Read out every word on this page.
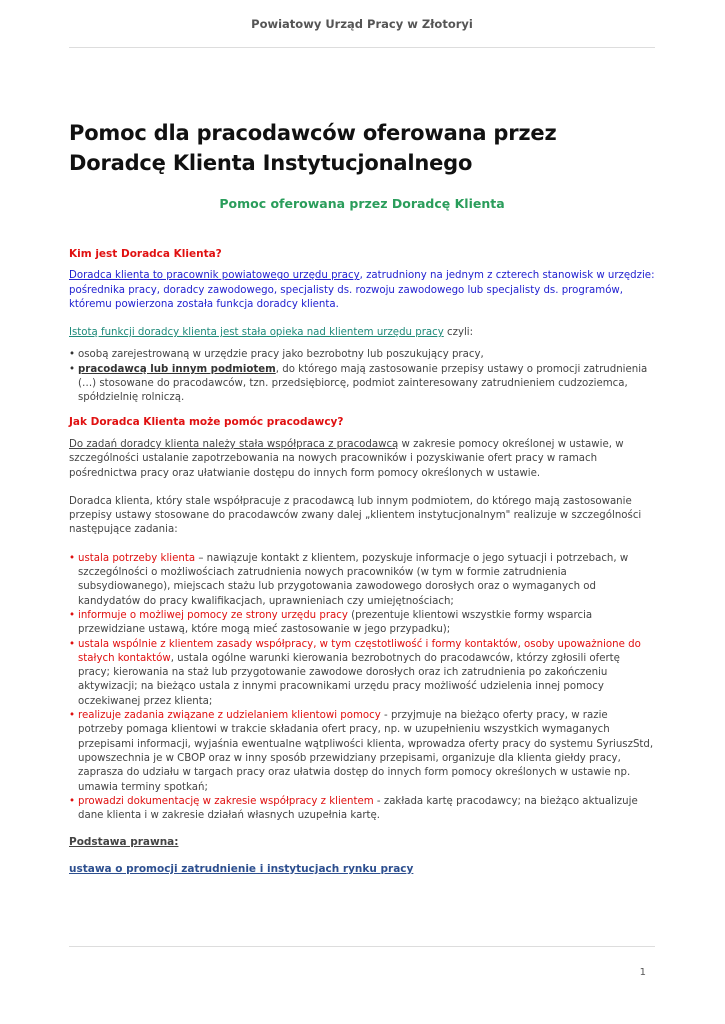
Powiatowy Urząd Pracy w Złotoryi
Pomoc dla pracodawców oferowana przez Doradcę Klienta Instytucjonalnego
Pomoc oferowana przez Doradcę Klienta

Kim jest Doradca Klienta?

Doradca klienta to pracownik powiatowego urzędu pracy, zatrudniony na jednym z czterech stanowisk w urzędzie: pośrednika pracy, doradcy zawodowego, specjalisty ds. rozwoju zawodowego lub specjalisty ds. programów, któremu powierzona została funkcja doradcy klienta.

Istotą funkcji doradcy klienta jest stała opieka nad klientem urzędu pracy czyli:

• osobą zarejestrowaną w urzędzie pracy jako bezrobotny lub poszukujący pracy,
• pracodawcą lub innym podmiotem, do którego mają zastosowanie przepisy ustawy o promocji zatrudnienia (…) stosowane do pracodawców, tzn. przedsiębiorcę, podmiot zainteresowany zatrudnieniem cudzoziemca, spółdzielnię rolniczą.

Jak Doradca Klienta może pomóc pracodawcy?

Do zadań doradcy klienta należy stała współpraca z pracodawcą w zakresie pomocy określonej w ustawie, w szczególności ustalanie zapotrzebowania na nowych pracowników i pozyskiwanie ofert pracy w ramach pośrednictwa pracy oraz ułatwianie dostępu do innych form pomocy określonych w ustawie.

Doradca klienta, który stale współpracuje z pracodawcą lub innym podmiotem, do którego mają zastosowanie przepisy ustawy stosowane do pracodawców zwany dalej „klientem instytucjonalnym" realizuje w szczególności następujące zadania:

• ustala potrzeby klienta – nawiązuje kontakt z klientem, pozyskuje informacje o jego sytuacji i potrzebach, w szczególności o możliwościach zatrudnienia nowych pracowników (w tym w formie zatrudnienia subsydiowanego), miejscach stażu lub przygotowania zawodowego dorosłych oraz o wymaganych od kandydatów do pracy kwalifikacjach, uprawnieniach czy umiejętnościach;
• informuje o możliwej pomocy ze strony urzędu pracy (prezentuje klientowi wszystkie formy wsparcia przewidziane ustawą, które mogą mieć zastosowanie w jego przypadku);
• ustala wspólnie z klientem zasady współpracy, w tym częstotliwość i formy kontaktów, osoby upoważnione do stałych kontaktów, ustala ogólne warunki kierowania bezrobotnych do pracodawców, którzy zgłosili ofertę pracy; kierowania na staż lub przygotowanie zawodowe dorosłych oraz ich zatrudnienia po zakończeniu aktywizacji; na bieżąco ustala z innymi pracownikami urzędu pracy możliwość udzielenia innej pomocy oczekiwanej przez klienta;
• realizuje zadania związane z udzielaniem klientowi pomocy - przyjmuje na bieżąco oferty pracy, w razie potrzeby pomaga klientowi w trakcie składania ofert pracy, np. w uzupełnieniu wszystkich wymaganych przepisami informacji, wyjaśnia ewentualne wątpliwości klienta, wprowadza oferty pracy do systemu SyriuszStd, upowszechnia je w CBOP oraz w inny sposób przewidziany przepisami, organizuje dla klienta giełdy pracy, zaprasza do udziału w targach pracy oraz ułatwia dostęp do innych form pomocy określonych w ustawie np. umawia terminy spotkań;
• prowadzi dokumentację w zakresie współpracy z klientem - zakłada kartę pracodawcy; na bieżąco aktualizuje dane klienta i w zakresie działań własnych uzupełnia kartę.

Podstawa prawna:

ustawa o promocji zatrudnienie i instytucjach rynku pracy

1
